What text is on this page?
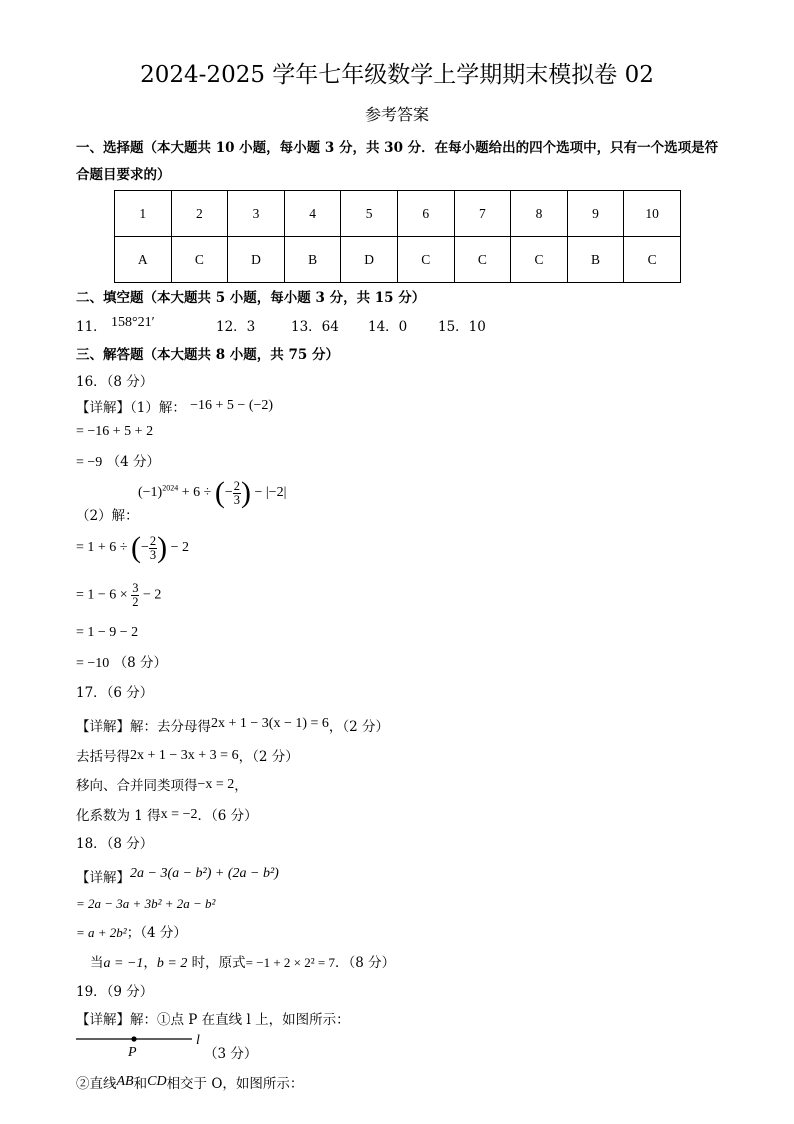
2024-2025 学年七年级数学上学期期末模拟卷 02
参考答案
一、选择题（本大题共 10 小题，每小题 3 分，共 30 分．在每小题给出的四个选项中，只有一个选项是符
合题目要求的）
1	2	3	4	5	6	7	8	9	10
A	C	D	B	D	C	C	C	B	C
二、填空题（本大题共 5 小题，每小题 3 分，共 15 分）
11． 158°21′	12．3	13．64 14．0 15．10
三、解答题（本大题共 8 小题，共 75 分）
16．（8 分）
【详解】（1）解： −16 + 5 − (−2)
= −16 + 5 + 2
= −9 （4 分）
$(-1)^{2024} + 6$ ÷ (− $\frac{2}{3}$ ) − |−2|
（2）解：
= 1 + 6 ÷ (− $\frac{2}{3}$ ) − 2
= $1 - 6 \times \frac{3}{2} - 2$
= 1 − 9 − 2
= −10 （8 分）
17．（6 分）
【详解】解：去分母得2x + 1 − 3(x − 1) = 6，（2 分）
去括号得2x + 1 − 3x + 3 = 6，（2 分）
移向、合并同类项得−x = 2，
化系数为 1 得x = −2．（6 分）
18．（8 分）
【详解】2a − 3(a − b²) + (2a − b²)
= 2a − 3a + 3b² + 2a − b²
= a + 2b²；（4 分）
当a = −1，b = 2 时，原式= −1 + 2 × 2² = 7．（8 分）
19．（9 分）
【详解】解：①点 P 在直线 l 上，如图所示：
P
l
（3 分）
②直线AB和CD相交于 O，如图所示：
